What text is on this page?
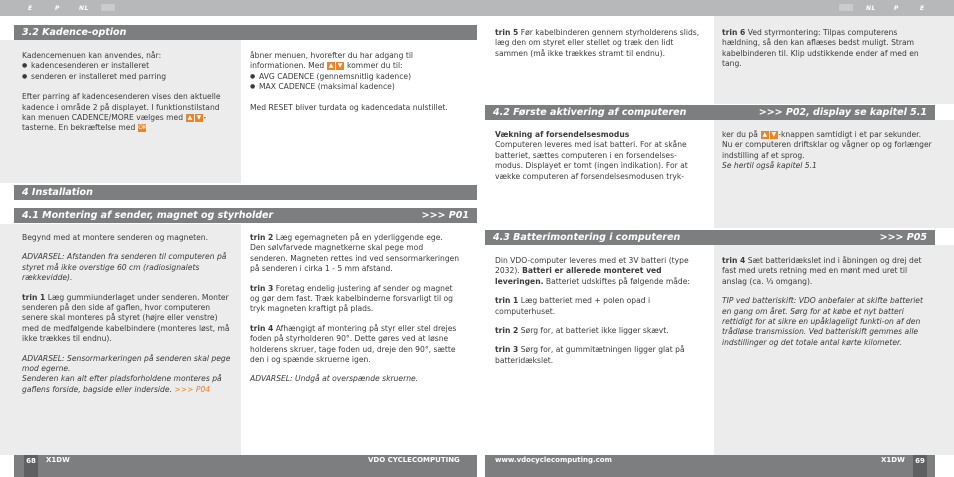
E	P	NL	DK	DK	NL	P	E
3.2 Kadence-option
Kadencemenuen kan anvendes, når:
● kadencesenderen er installeret
● senderen er installeret med parring
Efter parring af kadencesenderen vises den aktuelle kadence i område 2 på displayet. I funktionstilstand kan menuen CADENCE/MORE vælges med ▲ ▼ -tasterne. En bekræftelse med OK
åbner menuen, hvorefter du har adgang til informationen. Med ▲ ▼ kommer du til:
● AVG CADENCE (gennemsnitlig kadence)
● MAX CADENCE (maksimal kadence)
Med RESET bliver turdata og kadencedata nulstillet.
4 Installation
4.1 Montering af sender, magnet og styrholder	>>> P01

Begynd med at montere senderen og magneten.

ADVARSEL: Afstanden fra senderen til computeren på styret må ikke overstige 60 cm (radiosignalets rækkevidde).

trin 1 Læg gummiunderlaget under senderen. Monter senderen på den side af gaflen, hvor computeren senere skal monteres på styret (højre eller venstre) med de medfølgende kabelbindere (monteres løst, må ikke trækkes til endnu).

ADVARSEL: Sensormarkeringen på senderen skal pege mod egerne.
Senderen kan alt efter pladsforholdene monteres på gaflens forside, bagside eller inderside. >>> P04

trin 2 Læg egemagneten på en yderliggende ege. Den sølvfarvede magnetkerne skal pege mod senderen. Magneten rettes ind ved sensormarkeringen på senderen i cirka 1 - 5 mm afstand.

trin 3 Foretag endelig justering af sender og magnet og gør dem fast. Træk kabelbinderne forsvarligt til og tryk magneten kraftigt på plads.

trin 4 Afhængigt af montering på styr eller stel drejes foden på styrholderen 90°. Dette gøres ved at løsne holderens skruer, tage foden ud, dreje den 90°, sætte den i og spænde skruerne igen.

ADVARSEL: Undgå at overspænde skruerne.

trin 5 Før kabelbinderen gennem styrholderens slids, læg den om styret eller stellet og træk den lidt sammen (må ikke trækkes stramt til endnu).
trin 6 Ved styrmontering: Tilpas computerens hældning, så den kan aflæses bedst muligt. Stram kabelbinderen til. Klip udstikkende ender af med en tang.
4.2 Første aktivering af computeren	>>> P02, display se kapitel 5.1
Vækning af forsendelsesmodus
Computeren leveres med isat batteri. For at skåne batteriet, sættes computeren i en forsendelses-modus. Displayet er tomt (ingen indikation). For at vække computeren af forsendelsesmodusen tryk-
ker du på ▲ ▼ -knappen samtidigt i et par sekunder. Nu er computeren driftsklar og vågner op og forlænger indstilling af et sprog.
Se hertil også kapitel 5.1
4.3 Batterimontering i computeren	>>> P05

Din VDO-computer leveres med et 3V batteri (type 2032). Batteri er allerede monteret ved leveringen. Batteriet udskiftes på følgende måde:

trin 1 Læg batteriet med + polen opad i computerhuset.

trin 2 Sørg for, at batteriet ikke ligger skævt.

trin 3 Sørg for, at gummitætningen ligger glat på batteridækslet.

trin 4 Sæt batteridækslet ind i åbningen og drej det fast med urets retning med en mønt med uret til anslag (ca. ⅓ omgang).

TIP ved batteriskift: VDO anbefaler at skifte batteriet en gang om året. Sørg for at købe et nyt batteri rettidigt for at sikre en upåklageligt funkti-on af den trådløse transmission. Ved batteriskift gemmes alle indstillinger og det totale antal kørte kilometer.

68	X1DW	VDO CYCLECOMPUTING	www.vdocyclecomputing.com	X1DW	69
